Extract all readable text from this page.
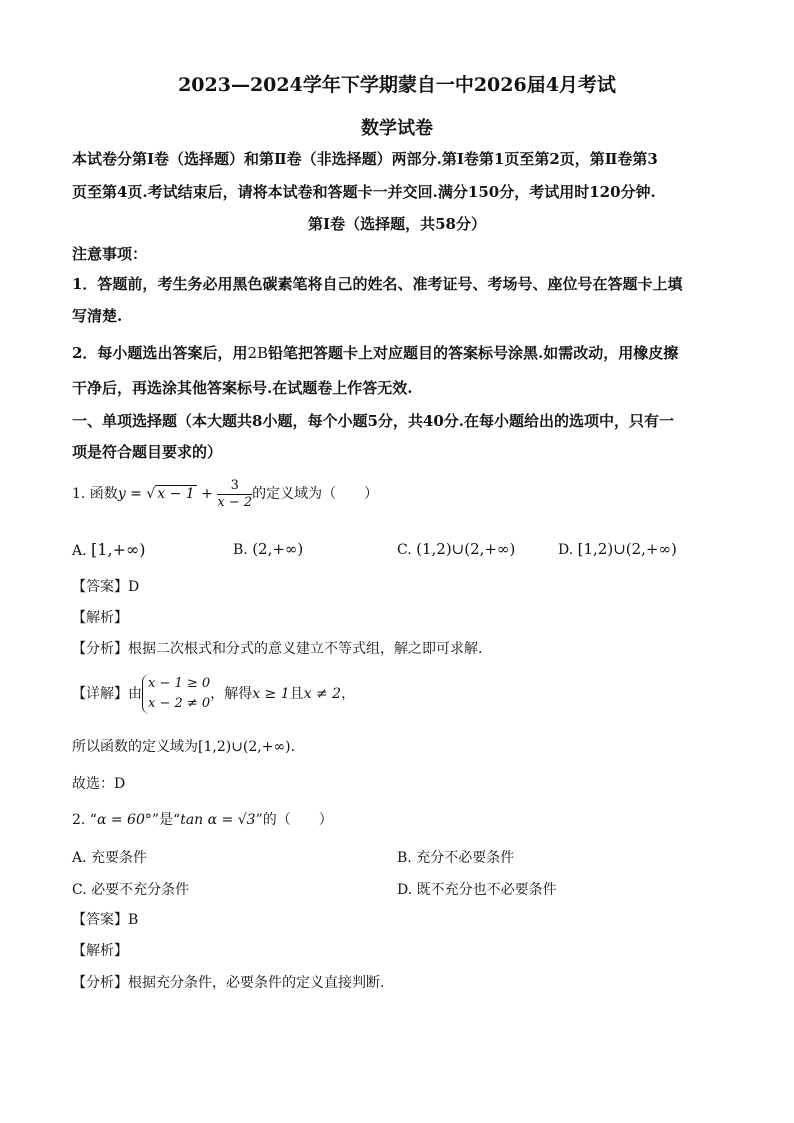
2023—2024学年下学期蒙自一中2026届4月考试
数学试卷
本试卷分第Ⅰ卷（选择题）和第Ⅱ卷（非选择题）两部分.第Ⅰ卷第1页至第2页，第Ⅱ卷第3
页至第4页.考试结束后，请将本试卷和答题卡一并交回.满分150分，考试用时120分钟.
第Ⅰ卷（选择题，共58分）
注意事项：
1．答题前，考生务必用黑色碳素笔将自己的姓名、准考证号、考场号、座位号在答题卡上填
写清楚.
2．每小题选出答案后，用2B铅笔把答题卡上对应题目的答案标号涂黑.如需改动，用橡皮擦
干净后，再选涂其他答案标号.在试题卷上作答无效.
一、单项选择题（本大题共8小题，每个小题5分，共40分.在每小题给出的选项中，只有一
项是符合题目要求的）
1. 函数y = √ $x - 1 + \frac{3}{x - 2}$ 的定义域为（　　）
A. [1,+∞)	B. (2,+∞)	C. (1,2)∪(2,+∞)	D. [1,2)∪(2,+∞)
【答案】D
【解析】
【分析】根据二次根式和分式的意义建立不等式组，解之即可求解.
【详解】由
x − 1 ≥ 0
x − 2 ≠ 0
，解得x ≥ 1且x ≠ 2，
所以函数的定义域为[1,2)∪(2,+∞).
故选：D
2. “α = 60°”是“tan α = √3”的（　　）
A. 充要条件	B. 充分不必要条件
C. 必要不充分条件	D. 既不充分也不必要条件
【答案】B
【解析】
【分析】根据充分条件，必要条件的定义直接判断.
